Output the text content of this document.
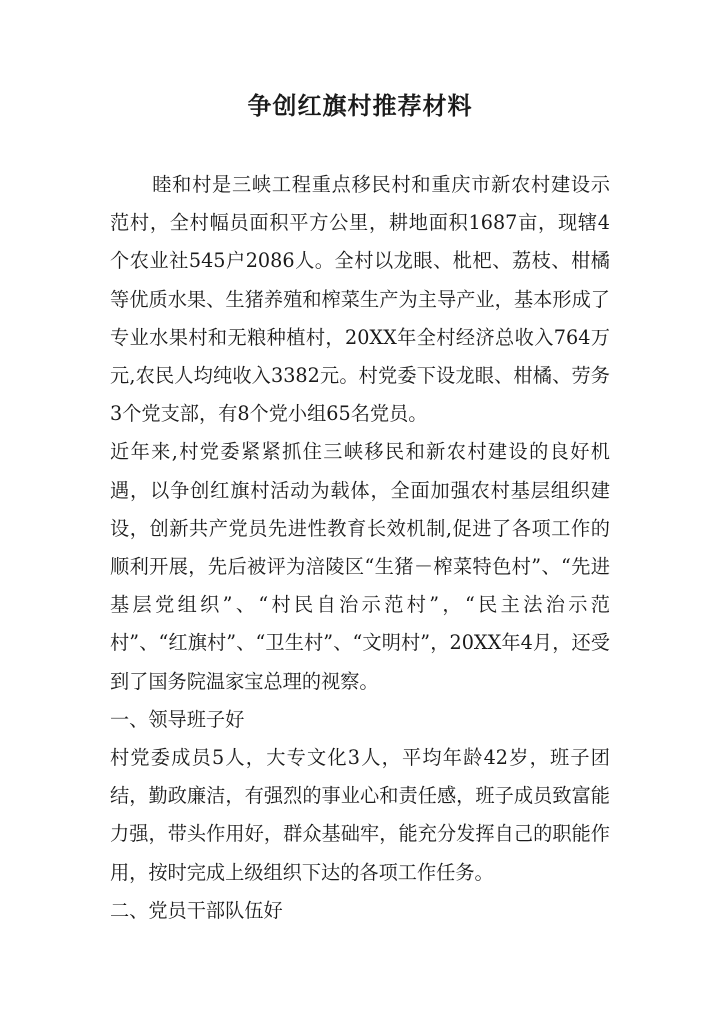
争创红旗村推荐材料

睦和村是三峡工程重点移民村和重庆市新农村建设示范村，全村幅员面积平方公里，耕地面积1687亩，现辖4个农业社545户2086人。全村以龙眼、枇杷、荔枝、柑橘等优质水果、生猪养殖和榨菜生产为主导产业，基本形成了专业水果村和无粮种植村，20XX年全村经济总收入764万元,农民人均纯收入3382元。村党委下设龙眼、柑橘、劳务3个党支部，有8个党小组65名党员。

近年来,村党委紧紧抓住三峡移民和新农村建设的良好机遇，以争创红旗村活动为载体，全面加强农村基层组织建设，创新共产党员先进性教育长效机制,促进了各项工作的顺利开展，先后被评为涪陵区“生猪－榨菜特色村”、“先进基层党组织”、“村民自治示范村”，“民主法治示范村”、“红旗村”、“卫生村”、“文明村”，20XX年4月，还受到了国务院温家宝总理的视察。

一、领导班子好

村党委成员5人，大专文化3人，平均年龄42岁，班子团结，勤政廉洁，有强烈的事业心和责任感，班子成员致富能力强，带头作用好，群众基础牢，能充分发挥自己的职能作用，按时完成上级组织下达的各项工作任务。

二、党员干部队伍好
